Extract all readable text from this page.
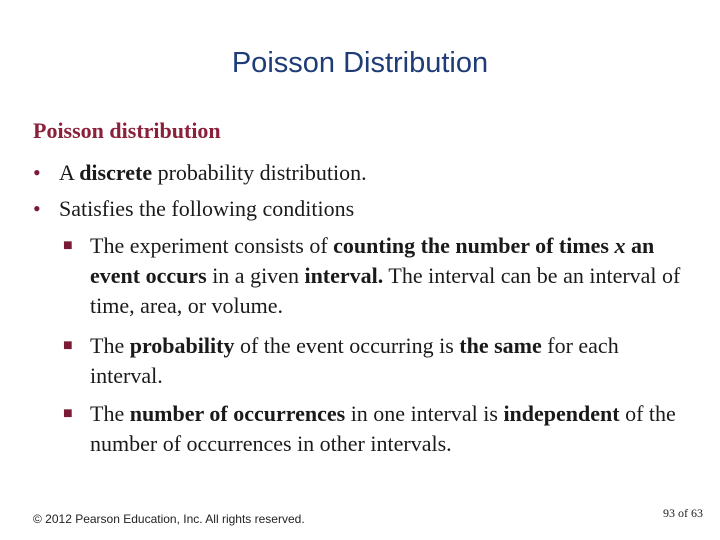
Poisson Distribution
Poisson distribution
• A discrete probability distribution.
• Satisfies the following conditions
■ The experiment consists of counting the number of times x an event occurs in a given interval. The interval can be an interval of time, area, or volume.
■ The probability of the event occurring is the same for each interval.
■ The number of occurrences in one interval is independent of the number of occurrences in other intervals.
© 2012 Pearson Education, Inc. All rights reserved.	93 of 63
